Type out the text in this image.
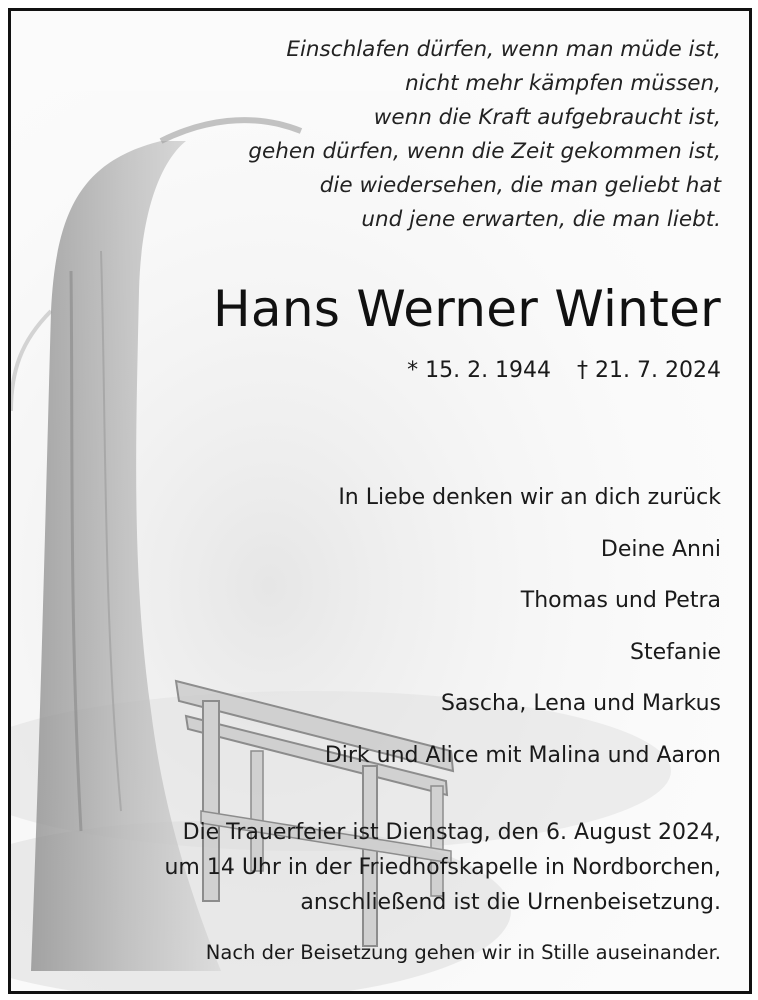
Einschlafen dürfen, wenn man müde ist,
nicht mehr kämpfen müssen,
wenn die Kraft aufgebraucht ist,
gehen dürfen, wenn die Zeit gekommen ist,
die wiedersehen, die man geliebt hat
und jene erwarten, die man liebt.
Hans Werner Winter
* 15. 2. 1944 † 21. 7. 2024
In Liebe denken wir an dich zurück
Deine Anni
Thomas und Petra
Stefanie
Sascha, Lena und Markus
Dirk und Alice mit Malina und Aaron
Die Trauerfeier ist Dienstag, den 6. August 2024,
um 14 Uhr in der Friedhofskapelle in Nordborchen,
anschließend ist die Urnenbeisetzung.
Nach der Beisetzung gehen wir in Stille auseinander.
